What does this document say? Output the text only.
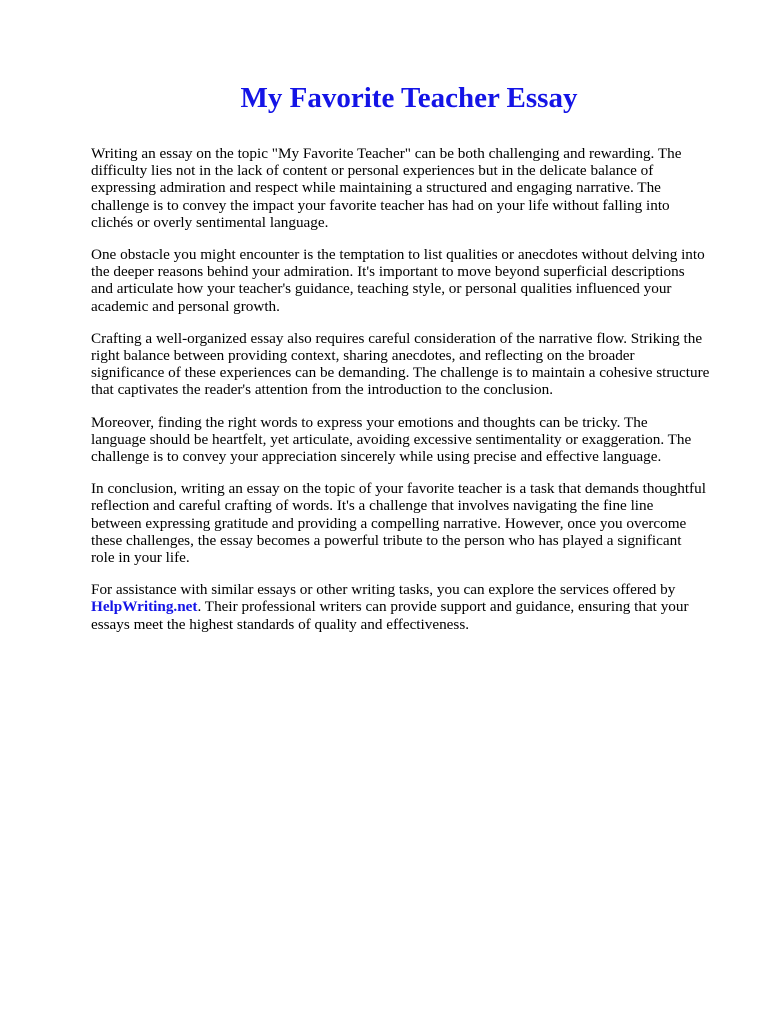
My Favorite Teacher Essay

Writing an essay on the topic "My Favorite Teacher" can be both challenging and rewarding. The
difficulty lies not in the lack of content or personal experiences but in the delicate balance of
expressing admiration and respect while maintaining a structured and engaging narrative. The
challenge is to convey the impact your favorite teacher has had on your life without falling into
clichés or overly sentimental language.

One obstacle you might encounter is the temptation to list qualities or anecdotes without delving into
the deeper reasons behind your admiration. It's important to move beyond superficial descriptions
and articulate how your teacher's guidance, teaching style, or personal qualities influenced your
academic and personal growth.

Crafting a well-organized essay also requires careful consideration of the narrative flow. Striking the
right balance between providing context, sharing anecdotes, and reflecting on the broader
significance of these experiences can be demanding. The challenge is to maintain a cohesive structure
that captivates the reader's attention from the introduction to the conclusion.

Moreover, finding the right words to express your emotions and thoughts can be tricky. The
language should be heartfelt, yet articulate, avoiding excessive sentimentality or exaggeration. The
challenge is to convey your appreciation sincerely while using precise and effective language.

In conclusion, writing an essay on the topic of your favorite teacher is a task that demands thoughtful
reflection and careful crafting of words. It's a challenge that involves navigating the fine line
between expressing gratitude and providing a compelling narrative. However, once you overcome
these challenges, the essay becomes a powerful tribute to the person who has played a significant
role in your life.

For assistance with similar essays or other writing tasks, you can explore the services offered by
HelpWriting.net. Their professional writers can provide support and guidance, ensuring that your
essays meet the highest standards of quality and effectiveness.
